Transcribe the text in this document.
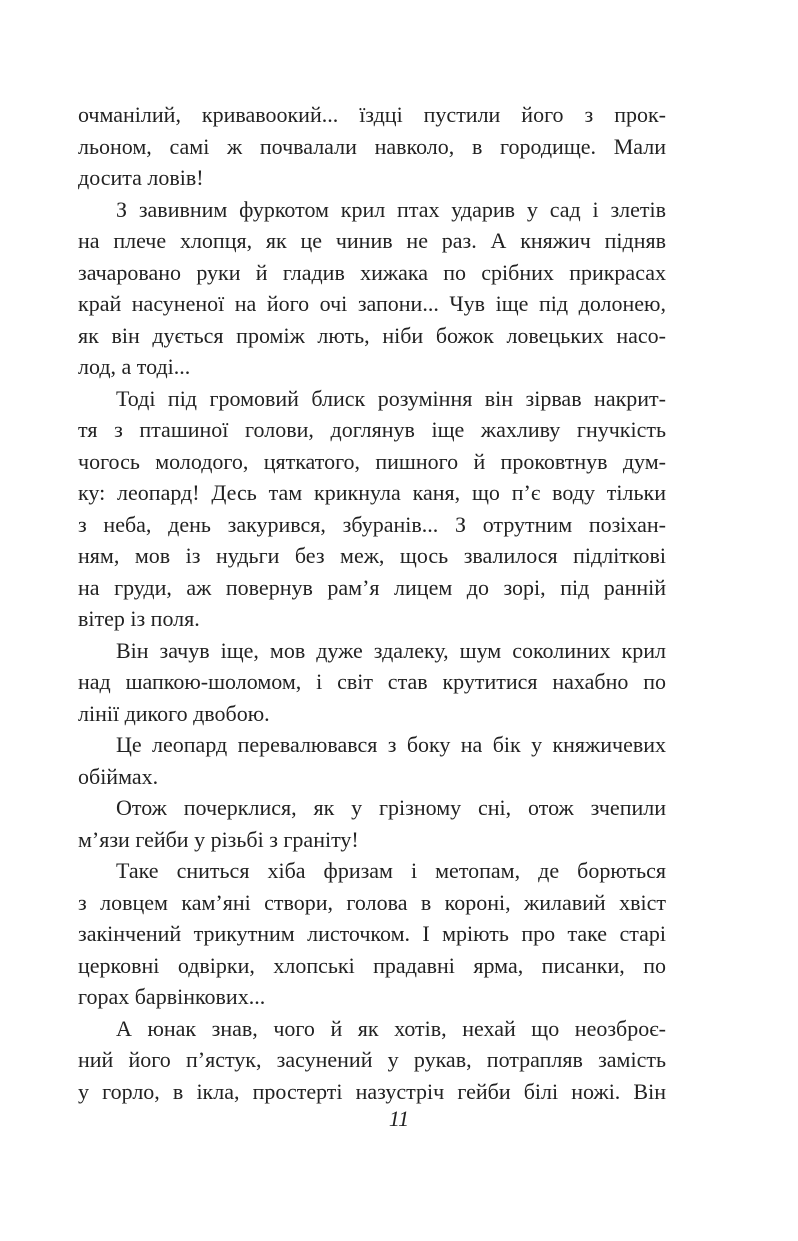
очманілий, кривавоокий... їздці пустили його з прок-
льоном, самі ж почвалали навколо, в городище. Мали
досита ловів!
З завивним фуркотом крил птах ударив у сад і злетів
на плече хлопця, як це чинив не раз. А княжич підняв
зачаровано руки й гладив хижака по срібних прикрасах
край насуненої на його очі запони... Чув іще під долонею,
як він дується проміж лють, ніби божок ловецьких насо-
лод, а тоді...
Тоді під громовий блиск розуміння він зірвав накрит-
тя з пташиної голови, доглянув іще жахливу гнучкість
чогось молодого, цяткатого, пишного й проковтнув дум-
ку: леопард! Десь там крикнула каня, що п’є воду тільки
з неба, день закурився, збуранів... З отрутним позіхан-
ням, мов із нудьги без меж, щось звалилося підліткові
на груди, аж повернув рам’я лицем до зорі, під ранній
вітер із поля.
Він зачув іще, мов дуже здалеку, шум соколиних крил
над шапкою-шоломом, і світ став крутитися нахабно по
лінії дикого двобою.
Це леопард перевалювався з боку на бік у княжичевих
обіймах.
Отож почерклися, як у грізному сні, отож зчепили
м’язи гейби у різьбі з граніту!
Таке сниться хіба фризам і метопам, де борються
з ловцем кам’яні створи, голова в короні, жилавий хвіст
закінчений трикутним листочком. І мріють про таке старі
церковні одвірки, хлопські прадавні ярма, писанки, по
горах барвінкових...
А юнак знав, чого й як хотів, нехай що неозброє-
ний його п’ястук, засунений у рукав, потрапляв замість
у горло, в ікла, простерті назустріч гейби білі ножі. Він
11
